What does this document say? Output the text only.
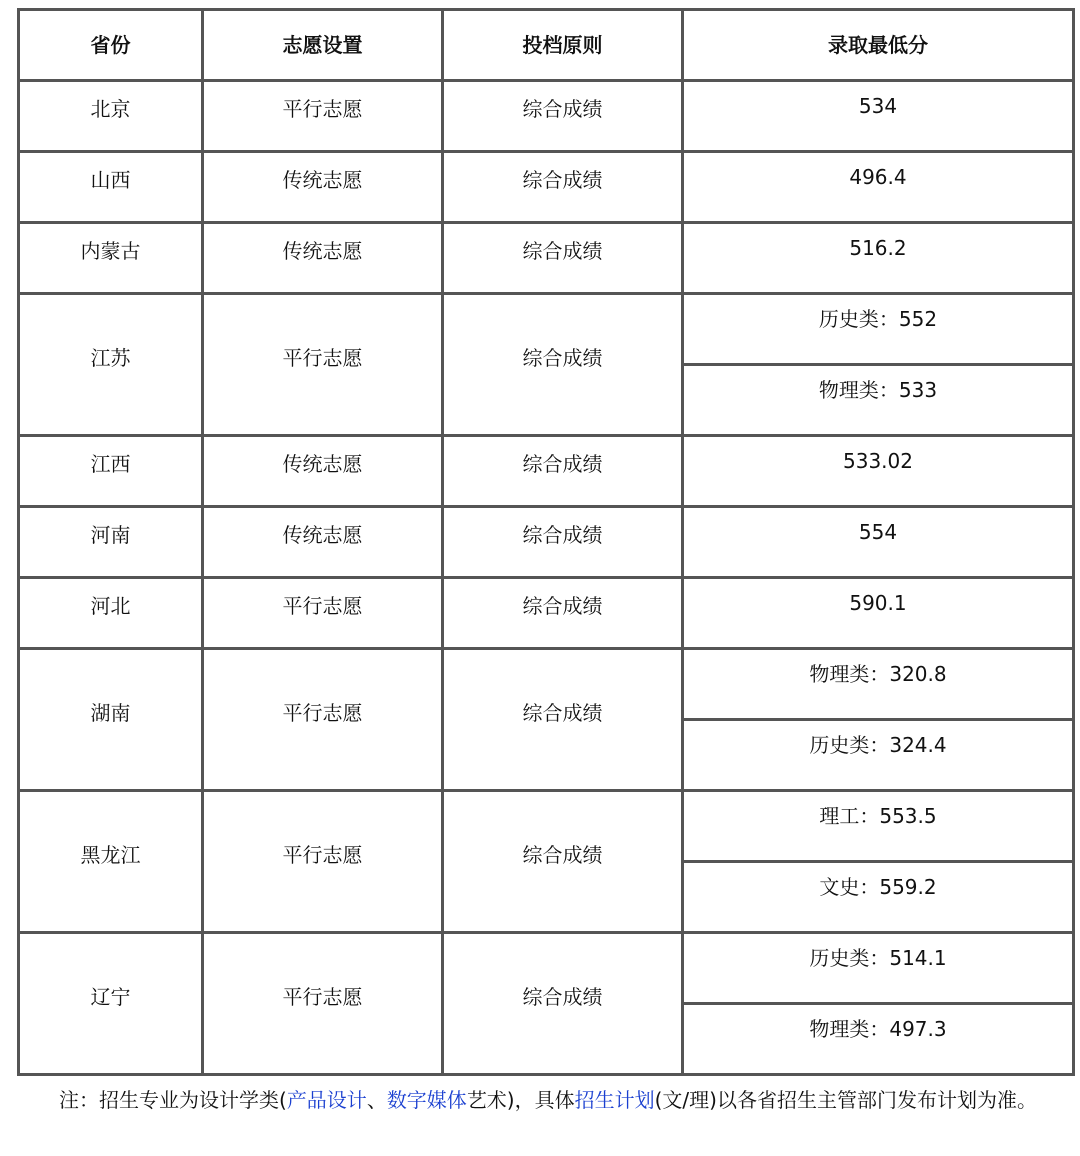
省份	志愿设置	投档原则	录取最低分
北京	平行志愿	综合成绩	534
山西	传统志愿	综合成绩	496.4
内蒙古	传统志愿	综合成绩	516.2
江苏	平行志愿	综合成绩	历史类：552
			物理类：533
江西	传统志愿	综合成绩	533.02
河南	传统志愿	综合成绩	554
河北	平行志愿	综合成绩	590.1
湖南	平行志愿	综合成绩	物理类：320.8
			历史类：324.4
黑龙江	平行志愿	综合成绩	理工：553.5
			文史：559.2
辽宁	平行志愿	综合成绩	历史类：514.1
			物理类：497.3
注：招生专业为设计学类(产品设计、数字媒体艺术)，具体招生计划(文/理)以各省招生主管部门发布计划为准。
